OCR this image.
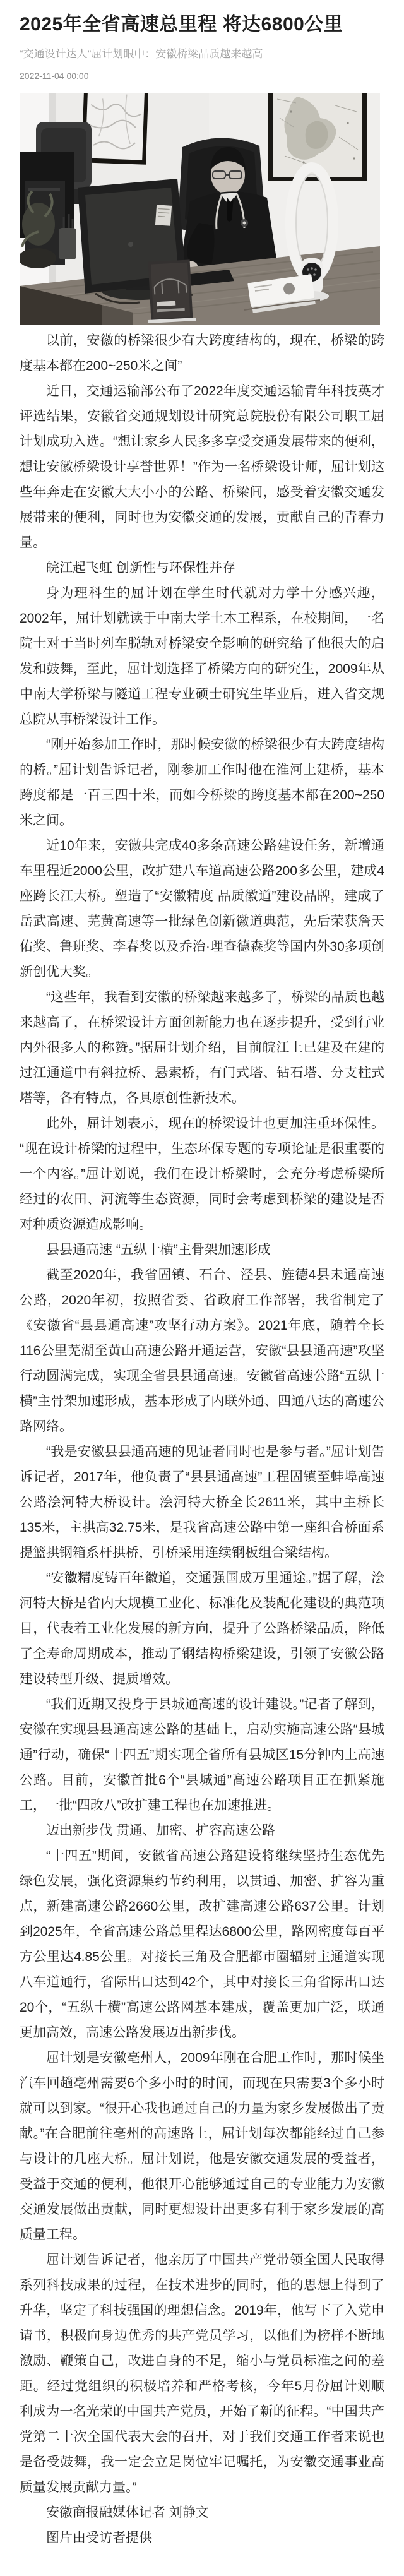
2025年全省高速总里程 将达6800公里
“交通设计达人”屈计划眼中：安徽桥梁品质越来越高
2022-11-04 00:00

以前，安徽的桥梁很少有大跨度结构的，现在，桥梁的跨度基本都在200~250米之间”

近日，交通运输部公布了2022年度交通运输青年科技英才评选结果，安徽省交通规划设计研究总院股份有限公司职工屈计划成功入选。“想让家乡人民多多享受交通发展带来的便利，想让安徽桥梁设计享誉世界！”作为一名桥梁设计师，屈计划这些年奔走在安徽大大小小的公路、桥梁间，感受着安徽交通发展带来的便利，同时也为安徽交通的发展，贡献自己的青春力量。

皖江起飞虹 创新性与环保性并存

身为理科生的屈计划在学生时代就对力学十分感兴趣，2002年，屈计划就读于中南大学土木工程系，在校期间，一名院士对于当时列车脱轨对桥梁安全影响的研究给了他很大的启发和鼓舞，至此，屈计划选择了桥梁方向的研究生，2009年从中南大学桥梁与隧道工程专业硕士研究生毕业后，进入省交规总院从事桥梁设计工作。

“刚开始参加工作时，那时候安徽的桥梁很少有大跨度结构的桥。”屈计划告诉记者，刚参加工作时他在淮河上建桥，基本跨度都是一百三四十米，而如今桥梁的跨度基本都在200~250米之间。

近10年来，安徽共完成40多条高速公路建设任务，新增通车里程近2000公里，改扩建八车道高速公路200多公里，建成4座跨长江大桥。塑造了“安徽精度 品质徽道”建设品牌，建成了岳武高速、芜黄高速等一批绿色创新徽道典范，先后荣获詹天佑奖、鲁班奖、李春奖以及乔治·理查德森奖等国内外30多项创新创优大奖。

“这些年，我看到安徽的桥梁越来越多了，桥梁的品质也越来越高了，在桥梁设计方面创新能力也在逐步提升，受到行业内外很多人的称赞。”据屈计划介绍，目前皖江上已建及在建的过江通道中有斜拉桥、悬索桥，有门式塔、钻石塔、分支柱式塔等，各有特点，各具原创性新技术。

此外，屈计划表示，现在的桥梁设计也更加注重环保性。“现在设计桥梁的过程中，生态环保专题的专项论证是很重要的一个内容。”屈计划说，我们在设计桥梁时，会充分考虑桥梁所经过的农田、河流等生态资源，同时会考虑到桥梁的建设是否对种质资源造成影响。

县县通高速 “五纵十横”主骨架加速形成

截至2020年，我省固镇、石台、泾县、旌德4县未通高速公路，2020年初，按照省委、省政府工作部署，我省制定了《安徽省“县县通高速”攻坚行动方案》。2021年底，随着全长116公里芜湖至黄山高速公路开通运营，安徽“县县通高速”攻坚行动圆满完成，实现全省县县通高速。安徽省高速公路“五纵十横”主骨架加速形成，基本形成了内联外通、四通八达的高速公路网络。

“我是安徽县县通高速的见证者同时也是参与者。”屈计划告诉记者，2017年，他负责了“县县通高速”工程固镇至蚌埠高速公路浍河特大桥设计。浍河特大桥全长2611米，其中主桥长135米，主拱高32.75米，是我省高速公路中第一座组合桥面系提篮拱钢箱系杆拱桥，引桥采用连续钢板组合梁结构。

“安徽精度铸百年徽道，交通强国成万里通途。”据了解，浍河特大桥是省内大规模工业化、标准化及装配化建设的典范项目，代表着工业化发展的新方向，提升了公路桥梁品质，降低了全寿命周期成本，推动了钢结构桥梁建设，引领了安徽公路建设转型升级、提质增效。

“我们近期又投身于县城通高速的设计建设。”记者了解到，安徽在实现县县通高速公路的基础上，启动实施高速公路“县城通”行动，确保“十四五”期实现全省所有县城区15分钟内上高速公路。目前，安徽首批6个“县城通”高速公路项目正在抓紧施工，一批“四改八”改扩建工程也在加速推进。

迈出新步伐 贯通、加密、扩容高速公路

“十四五”期间，安徽省高速公路建设将继续坚持生态优先绿色发展，强化资源集约节约利用，以贯通、加密、扩容为重点，新建高速公路2660公里，改扩建高速公路637公里。计划到2025年，全省高速公路总里程达6800公里，路网密度每百平方公里达4.85公里。对接长三角及合肥都市圈辐射主通道实现八车道通行，省际出口达到42个，其中对接长三角省际出口达20个，“五纵十横”高速公路网基本建成，覆盖更加广泛，联通更加高效，高速公路发展迈出新步伐。

屈计划是安徽亳州人，2009年刚在合肥工作时，那时候坐汽车回趟亳州需要6个多小时的时间，而现在只需要3个多小时就可以到家。“很开心我也通过自己的力量为家乡发展做出了贡献。”在合肥前往亳州的高速路上，屈计划每次都能经过自己参与设计的几座大桥。屈计划说，他是安徽交通发展的受益者，受益于交通的便利，他很开心能够通过自己的专业能力为安徽交通发展做出贡献，同时更想设计出更多有利于家乡发展的高质量工程。

屈计划告诉记者，他亲历了中国共产党带领全国人民取得系列科技成果的过程，在技术进步的同时，他的思想上得到了升华，坚定了科技强国的理想信念。2019年，他写下了入党申请书，积极向身边优秀的共产党员学习，以他们为榜样不断地激励、鞭策自己，改进自身的不足，缩小与党员标准之间的差距。经过党组织的积极培养和严格考核，今年5月份屈计划顺利成为一名光荣的中国共产党员，开始了新的征程。“中国共产党第二十次全国代表大会的召开，对于我们交通工作者来说也是备受鼓舞，我一定会立足岗位牢记嘱托，为安徽交通事业高质量发展贡献力量。”

安徽商报融媒体记者 刘静文

图片由受访者提供
